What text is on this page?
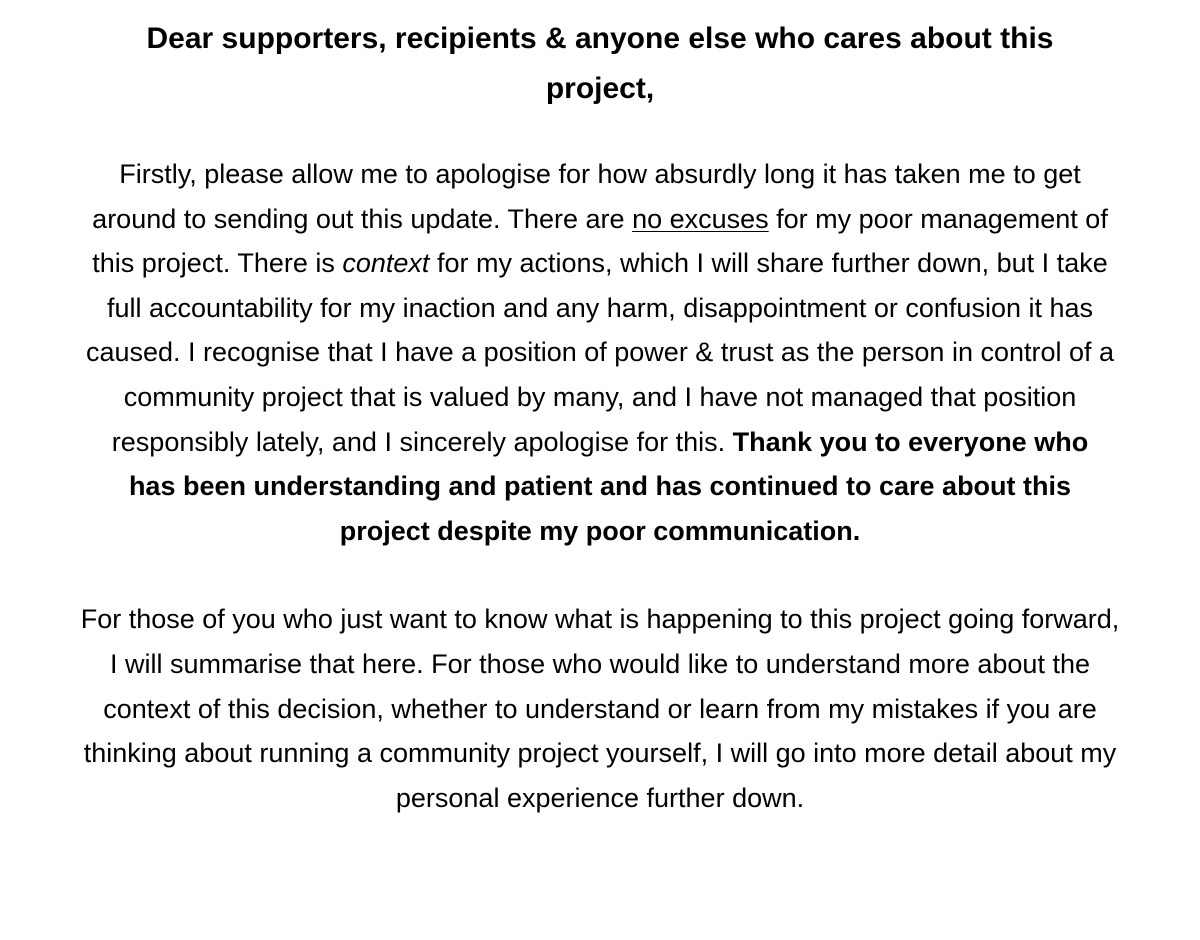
Dear supporters, recipients & anyone else who cares about this project,
Firstly, please allow me to apologise for how absurdly long it has taken me to get around to sending out this update. There are no excuses for my poor management of this project. There is context for my actions, which I will share further down, but I take full accountability for my inaction and any harm, disappointment or confusion it has caused. I recognise that I have a position of power & trust as the person in control of a community project that is valued by many, and I have not managed that position responsibly lately, and I sincerely apologise for this. Thank you to everyone who has been understanding and patient and has continued to care about this project despite my poor communication.
For those of you who just want to know what is happening to this project going forward, I will summarise that here. For those who would like to understand more about the context of this decision, whether to understand or learn from my mistakes if you are thinking about running a community project yourself, I will go into more detail about my personal experience further down.
